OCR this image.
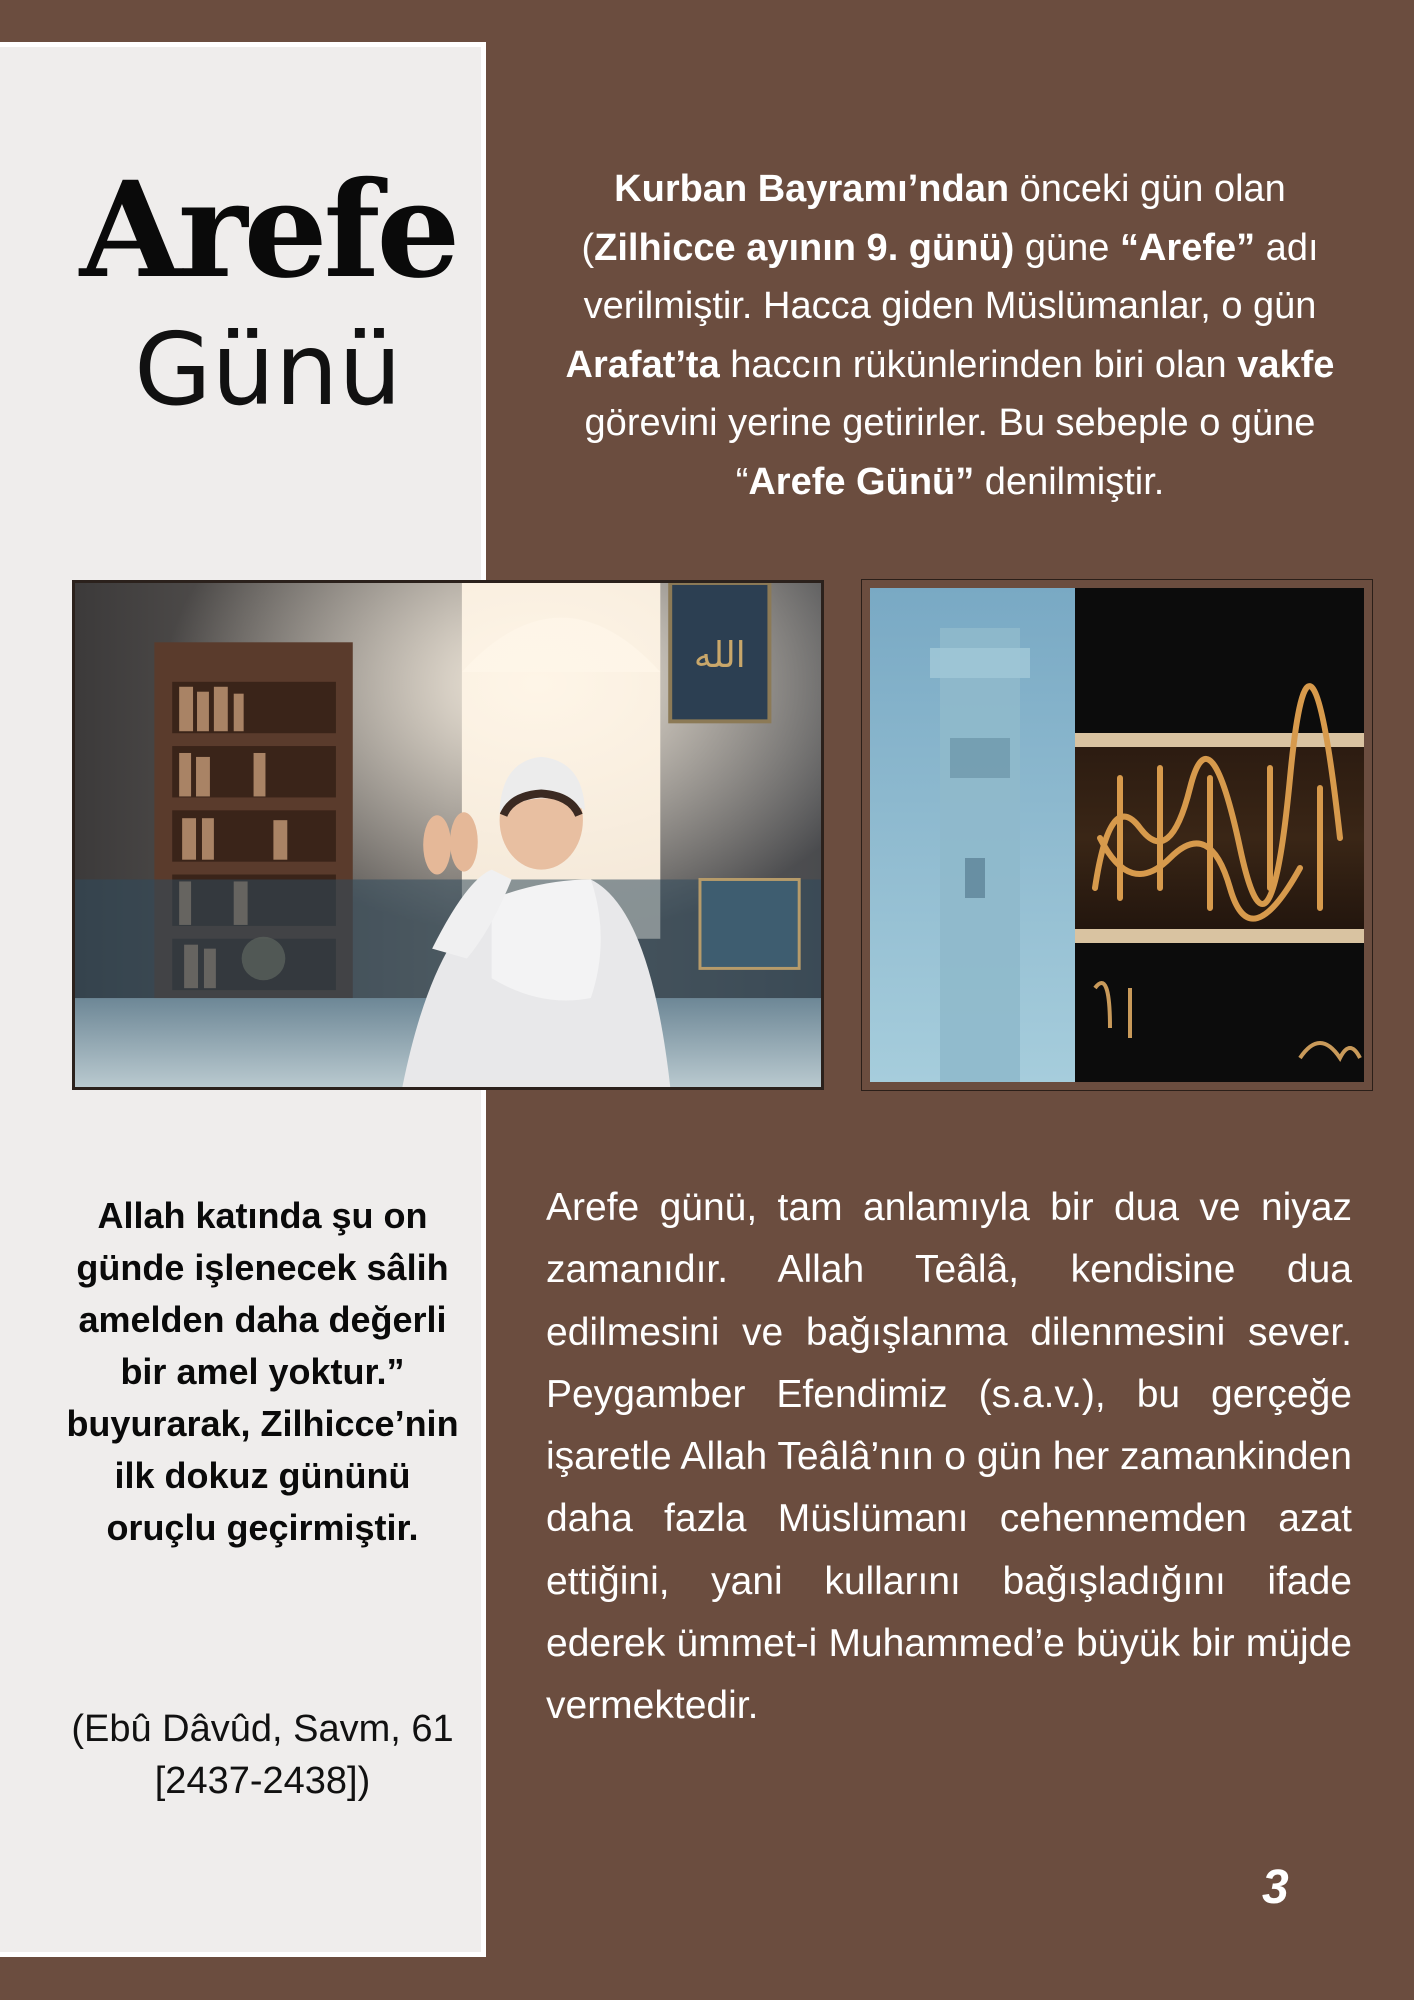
Arefe
Günü
Kurban Bayramı’ndan önceki gün olan (Zilhicce ayının 9. günü) güne “Arefe” adı verilmiştir. Hacca giden Müslümanlar, o gün Arafat’ta haccın rükünlerinden biri olan vakfe görevini yerine getirirler. Bu sebeple o güne “Arefe Günü” denilmiştir.
الله
Allah katında şu on günde işlenecek sâlih amelden daha değerli bir amel yoktur.” buyurarak, Zilhicce’nin ilk dokuz gününü oruçlu geçirmiştir.
(Ebû Dâvûd, Savm, 61 [2437-2438])
Arefe günü, tam anlamıyla bir dua ve niyaz zamanıdır. Allah Teâlâ, kendisine dua edilmesini ve bağışlanma dilenmesini sever. Peygamber Efendimiz (s.a.v.), bu gerçeğe işaretle Allah Teâlâ’nın o gün her zamankinden daha fazla Müslümanı cehennemden azat ettiğini, yani kullarını bağışladığını ifade ederek ümmet-i Muhammed’e büyük bir müjde vermektedir.
3
